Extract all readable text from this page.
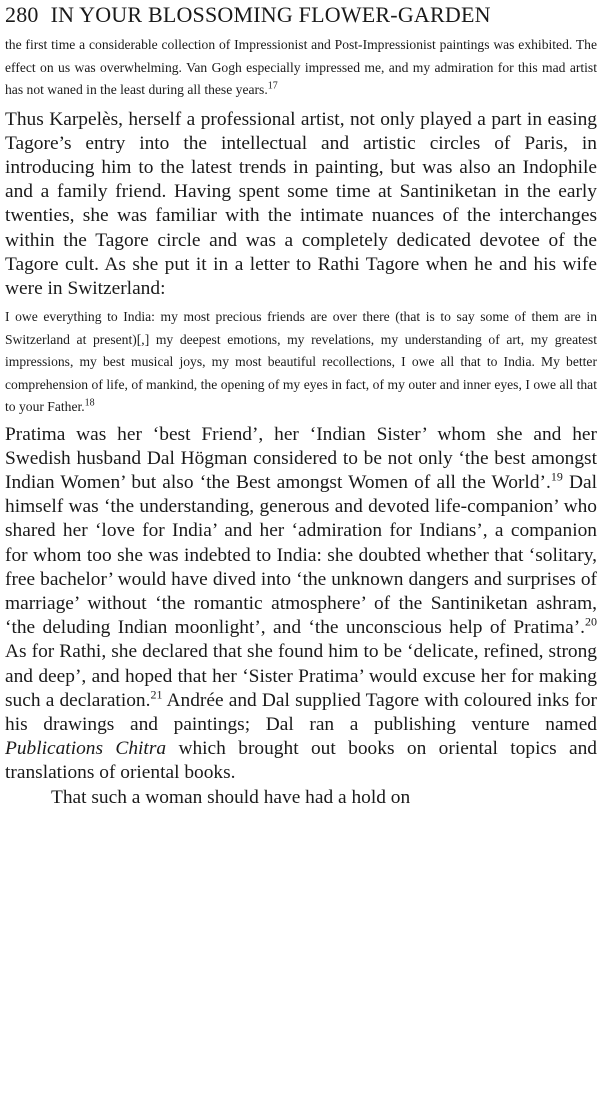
280 IN YOUR BLOSSOMING FLOWER-GARDEN

the first time a considerable collection of Impressionist and Post-Impressionist paintings was exhibited. The effect on us was overwhelming. Van Gogh especially impressed me, and my admiration for this mad artist has not waned in the least during all these years.$^{17}$

Thus Karpelès, herself a professional artist, not only played a part in easing Tagore’s entry into the intellectual and artistic circles of Paris, in introducing him to the latest trends in painting, but was also an Indophile and a family friend. Having spent some time at Santiniketan in the early twenties, she was familiar with the intimate nuances of the interchanges within the Tagore circle and was a completely dedicated devotee of the Tagore cult. As she put it in a letter to Rathi Tagore when he and his wife were in Switzerland:

I owe everything to India: my most precious friends are over there (that is to say some of them are in Switzerland at present)[,] my deepest emotions, my revelations, my understanding of art, my greatest impressions, my best musical joys, my most beautiful recollections, I owe all that to India. My better comprehension of life, of mankind, the opening of my eyes in fact, of my outer and inner eyes, I owe all that to your Father.$^{18}$

Pratima was her ‘best Friend’, her ‘Indian Sister’ whom she and her Swedish husband Dal Högman considered to be not only ‘the best amongst Indian Women’ but also ‘the Best amongst Women of all the World’.$^{19}$ Dal himself was ‘the understanding, generous and devoted life-companion’ who shared her ‘love for India’ and her ‘admiration for Indians’, a companion for whom too she was indebted to India: she doubted whether that ‘solitary, free bachelor’ would have dived into ‘the unknown dangers and surprises of marriage’ without ‘the romantic atmosphere’ of the Santiniketan ashram, ‘the deluding Indian moonlight’, and ‘the unconscious help of Pratima’.$^{20}$ As for Rathi, she declared that she found him to be ‘delicate, refined, strong and deep’, and hoped that her ‘Sister Pratima’ would excuse her for making such a declaration.$^{21}$ Andrée and Dal supplied Tagore with coloured inks for his drawings and paintings; Dal ran a publishing venture named Publications Chitra which brought out books on oriental topics and translations of oriental books.

That such a woman should have had a hold on
